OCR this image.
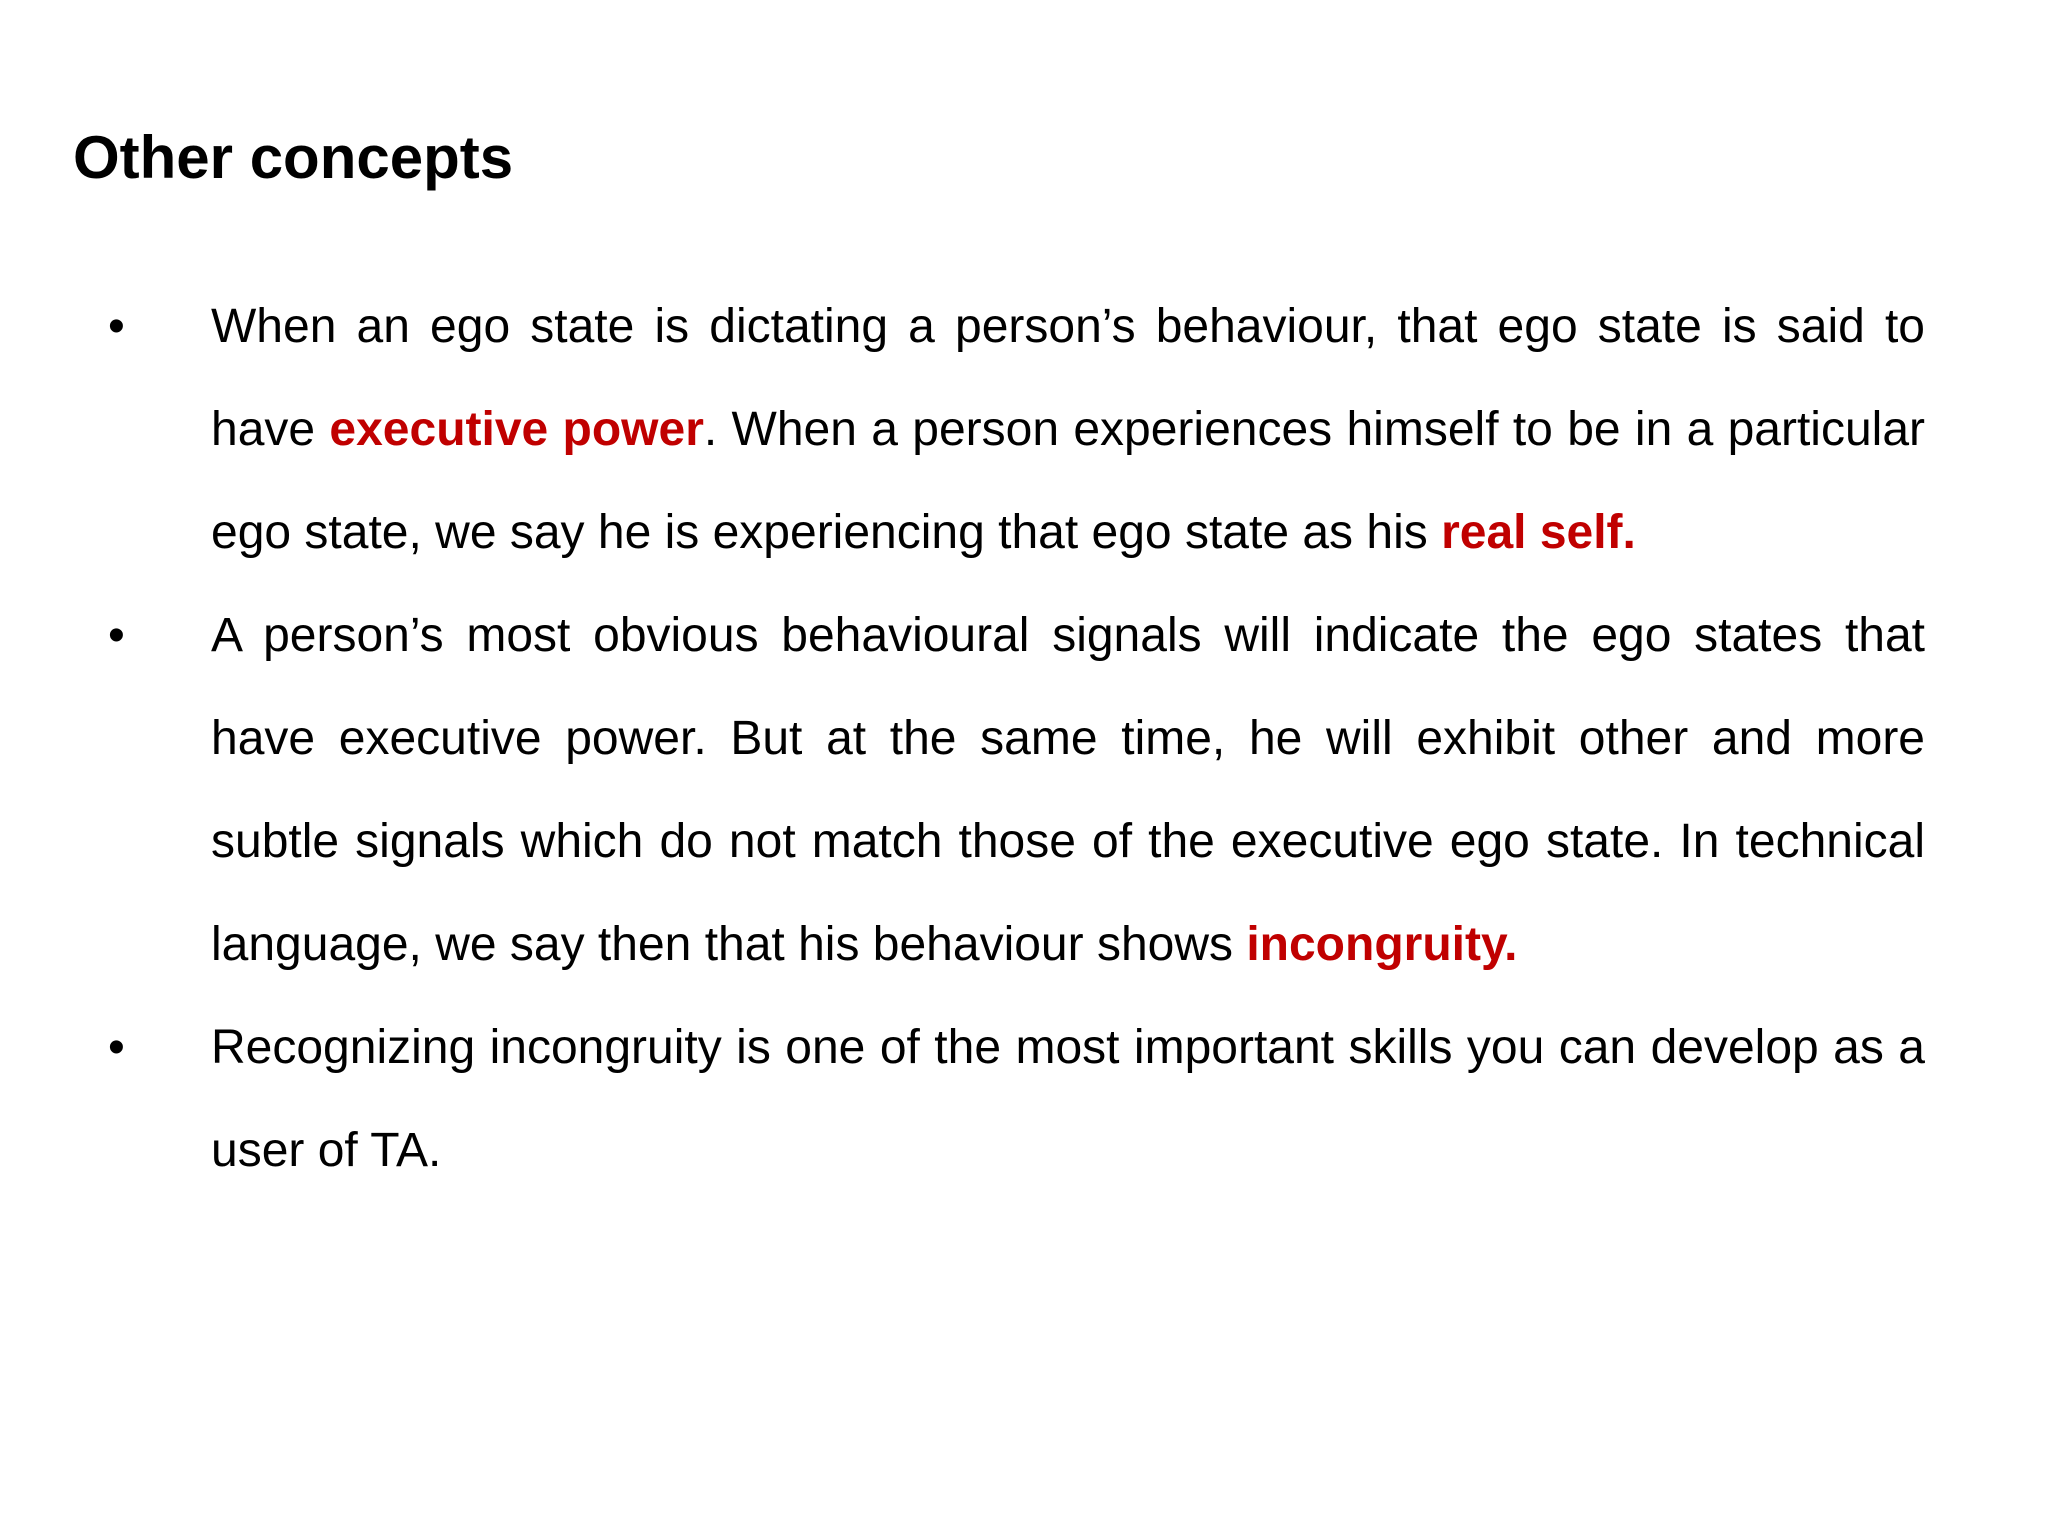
Other concepts
• When an ego state is dictating a person’s behaviour, that ego state is said to have executive power. When a person experiences himself to be in a particular ego state, we say he is experiencing that ego state as his real self.
• A person’s most obvious behavioural signals will indicate the ego states that have executive power. But at the same time, he will exhibit other and more subtle signals which do not match those of the executive ego state. In technical language, we say then that his behaviour shows incongruity.
• Recognizing incongruity is one of the most important skills you can develop as a user of TA.
